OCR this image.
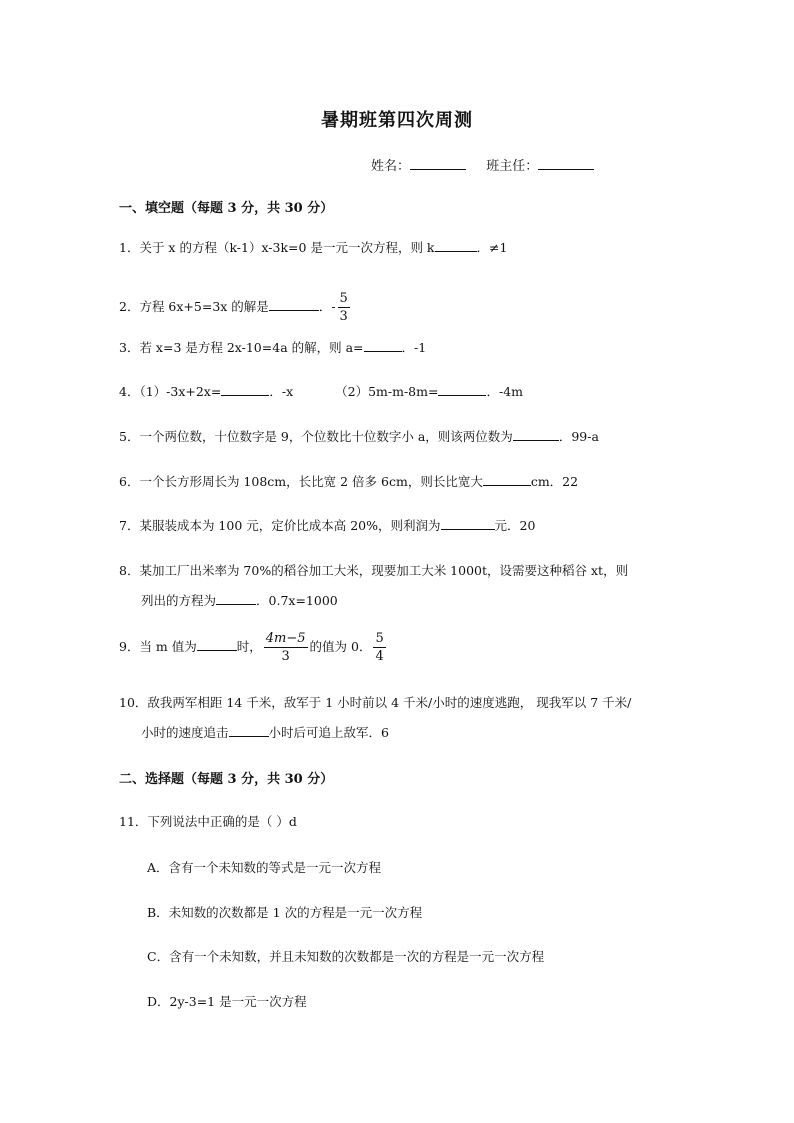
暑期班第四次周测
姓名：	班主任：
一、填空题（每题 3 分，共 30 分）
1．关于 x 的方程（k-1）x-3k=0 是一元一次方程，则 k	．≠1
2．方程 6x+5=3x 的解是	．- $\frac{5}{3}$
3．若 x=3 是方程 2x-10=4a 的解，则 a=	．-1
4．（1）-3x+2x=	．-x	（2）5m-m-8m=	．-4m
5．一个两位数，十位数字是 9，个位数比十位数字小 a，则该两位数为	．99-a
6．一个长方形周长为 108cm，长比宽 2 倍多 6cm，则长比宽大	cm．22
7．某服装成本为 100 元，定价比成本高 20%，则利润为	元．20
8．某加工厂出米率为 70%的稻谷加工大米，现要加工大米 1000t，设需要这种稻谷 xt，则
列出的方程为	．0.7x=1000
9．当 m 值为	时， $\frac{4m-5}{3}$ 的值为 0． $\frac{5}{4}$
10．敌我两军相距 14 千米，敌军于 1 小时前以 4 千米/小时的速度逃跑， 现我军以 7 千米/
小时的速度追击	小时后可追上敌军．6
二、选择题（每题 3 分，共 30 分）
11．下列说法中正确的是（ ）d
A．含有一个未知数的等式是一元一次方程
B．未知数的次数都是 1 次的方程是一元一次方程
C．含有一个未知数，并且未知数的次数都是一次的方程是一元一次方程
D．2y-3=1 是一元一次方程
